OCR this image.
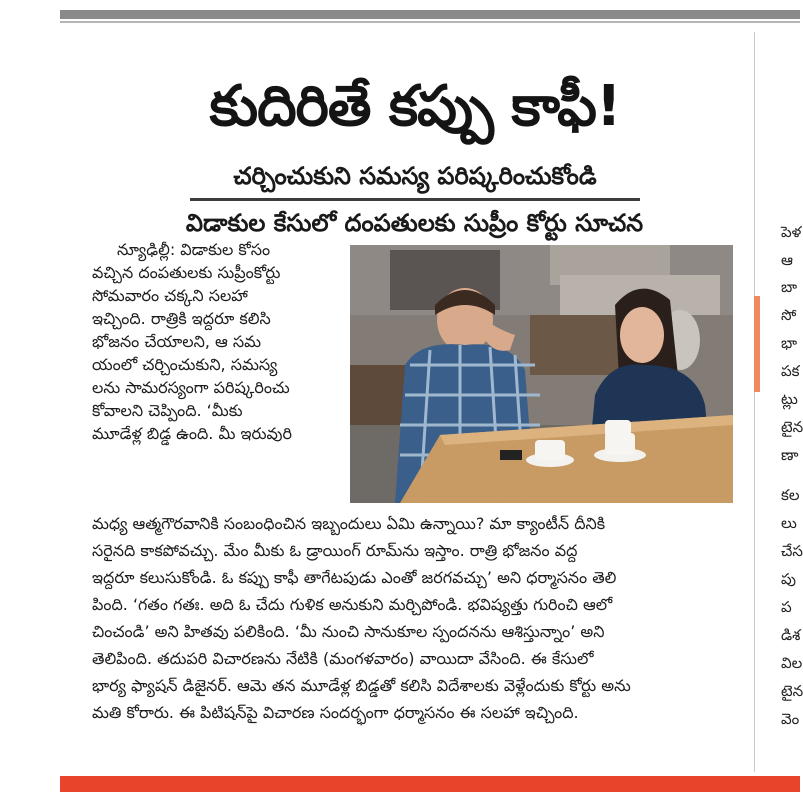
కుదిరితే కప్పు కాఫీ!
చర్చించుకుని సమస్య పరిష్కరించుకోండి
విడాకుల కేసులో దంపతులకు సుప్రీం కోర్టు సూచన
న్యూఢిల్లీ: విడాకుల కోసం
వచ్చిన దంపతులకు సుప్రీంకోర్టు
సోమవారం చక్కని సలహా
ఇచ్చింది. రాత్రికి ఇద్దరూ కలిసి
భోజనం చేయాలని, ఆ సమ
యంలో చర్చించుకుని, సమస్య
లను సామరస్యంగా పరిష్కరించు
కోవాలని చెప్పింది. ‘మీకు
మూడేళ్ల బిడ్డ ఉంది. మీ ఇరువురి
మధ్య ఆత్మగౌరవానికి సంబంధించిన ఇబ్బందులు ఏమి ఉన్నాయి? మా క్యాంటీన్ దీనికి
సరైనది కాకపోవచ్చు. మేం మీకు ఓ డ్రాయింగ్ రూమ్‌ను ఇస్తాం. రాత్రి భోజనం వద్ద
ఇద్దరూ కలుసుకోండి. ఓ కప్పు కాఫీ తాగేటపుడు ఎంతో జరగవచ్చు’ అని ధర్మాసనం తెలి
పింది. ‘గతం గతః. అది ఓ చేదు గుళిక అనుకుని మర్చిపోండి. భవిష్యత్తు గురించి ఆలో
చించండి’ అని హితవు పలికింది. ‘మీ నుంచి సానుకూల స్పందనను ఆశిస్తున్నాం’ అని
తెలిపింది. తదుపరి విచారణను నేటికి (మంగళవారం) వాయిదా వేసింది. ఈ కేసులో
భార్య ఫ్యాషన్ డిజైనర్. ఆమె తన మూడేళ్ల బిడ్డతో కలిసి విదేశాలకు వెళ్లేందుకు కోర్టు అను
మతి కోరారు. ఈ పిటిషన్‌పై విచారణ సందర్భంగా ధర్మాసనం ఈ సలహా ఇచ్చింది.
పెళ
ఆ
బా
సో
భా
పక
ట్లు
టైన
ణా
కల
లు
చేస
పు
ప
డిశ
విల
టైన
వెం
